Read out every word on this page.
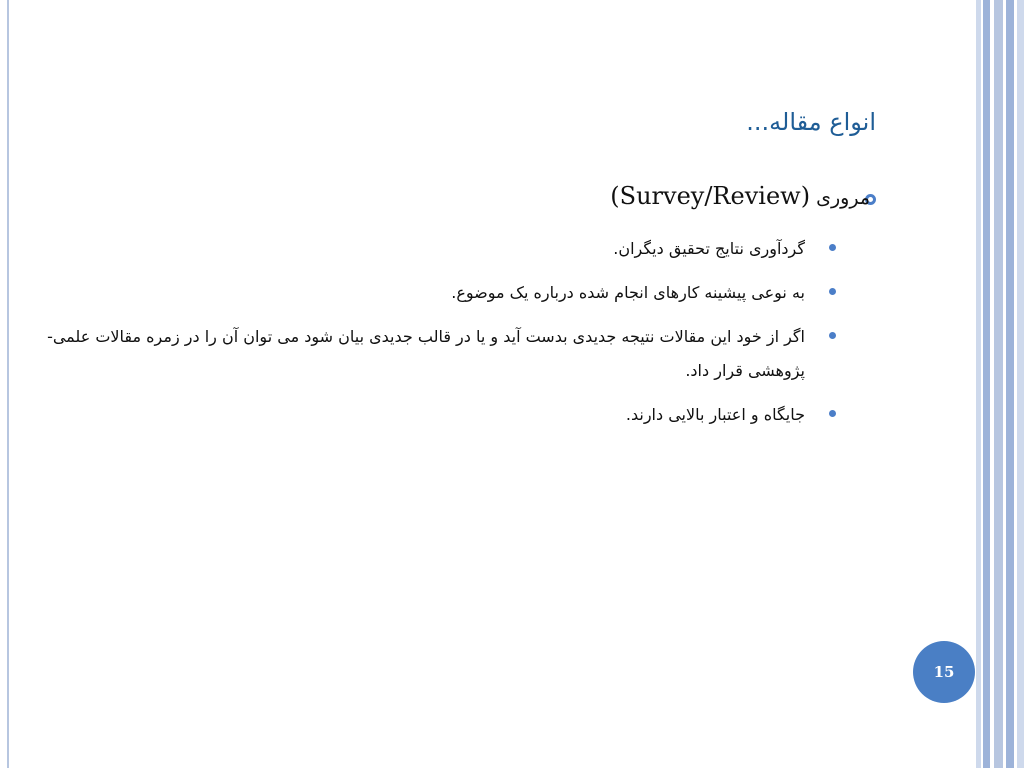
انواع مقاله...
مروری (Survey/Review)
گردآوری نتایج تحقیق دیگران.
به نوعی پیشینه کارهای انجام شده درباره یک موضوع.
اگر از خود این مقالات نتیجه جدیدی بدست آید و یا در قالب جدیدی بیان شود می توان آن را در زمره مقالات علمی-پژوهشی قرار داد.
جایگاه و اعتبار بالایی دارند.
15
